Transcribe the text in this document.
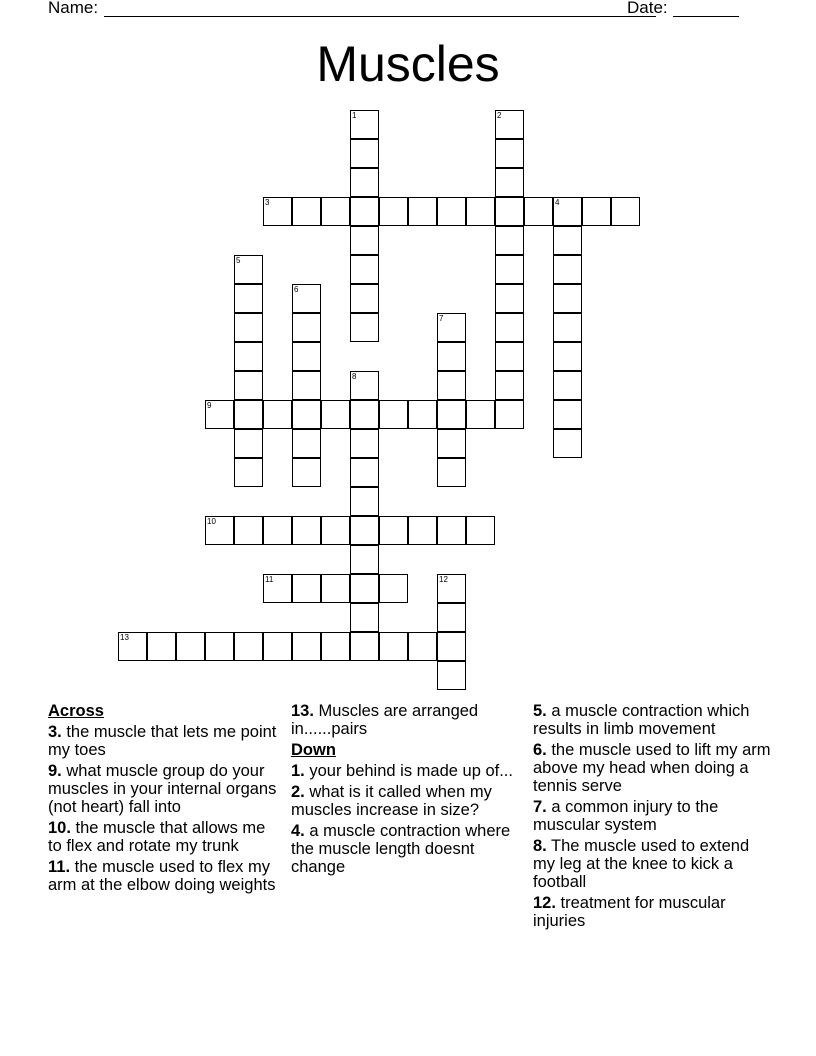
Name:	Date:
Muscles
1	2
3	4
5
6
7
8
9
10
11	12
13
Across
3. the muscle that lets me point my toes
9. what muscle group do your muscles in your internal organs (not heart) fall into
10. the muscle that allows me to flex and rotate my trunk
11. the muscle used to flex my arm at the elbow doing weights
13. Muscles are arranged in......pairs
Down
1. your behind is made up of...
2. what is it called when my muscles increase in size?
4. a muscle contraction where the muscle length doesnt change
5. a muscle contraction which results in limb movement
6. the muscle used to lift my arm above my head when doing a tennis serve
7. a common injury to the muscular system
8. The muscle used to extend my leg at the knee to kick a football
12. treatment for muscular injuries
